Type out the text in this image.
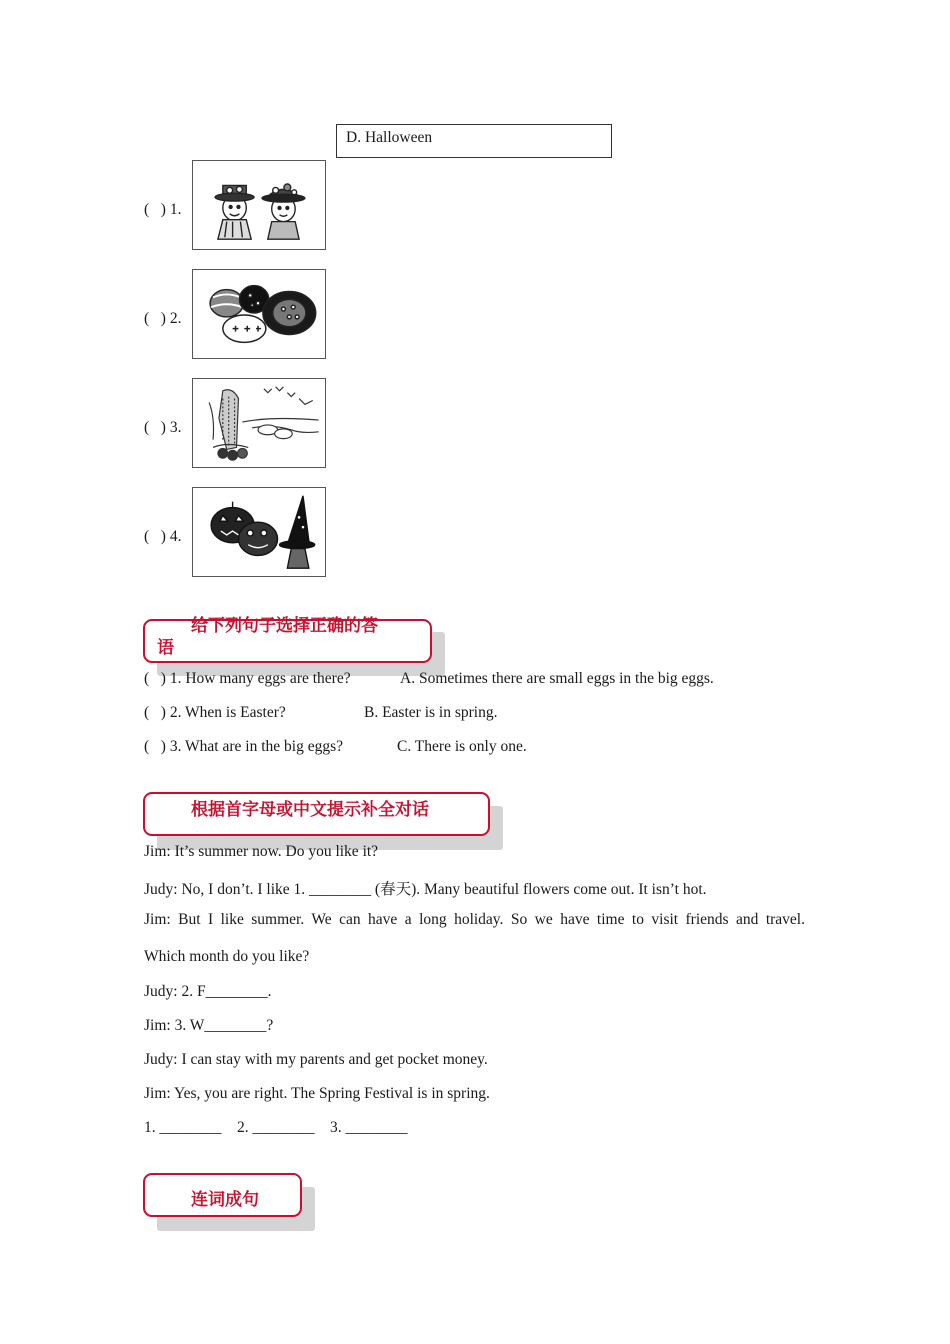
D. Halloween
(   ) 1.
(   ) 2.
(   ) 3.
(   ) 4.
给下列句子选择正确的答
语
(   ) 1. How many eggs are there?	A. Sometimes there are small eggs in the big eggs.
(   ) 2. When is Easter?	B. Easter is in spring.
(   ) 3. What are in the big eggs?	C. There is only one.
根据首字母或中文提示补全对话
Jim: It’s summer now. Do you like it?
Judy: No, I don’t. I like 1. ________ (春天). Many beautiful flowers come out. It isn’t hot.
Jim: But I like summer. We can have a long holiday. So we have time to visit friends and travel.
Which month do you like?
Judy: 2. F________.
Jim: 3. W________?
Judy: I can stay with my parents and get pocket money.
Jim: Yes, you are right. The Spring Festival is in spring.
1. ________    2. ________    3. ________
连词成句
